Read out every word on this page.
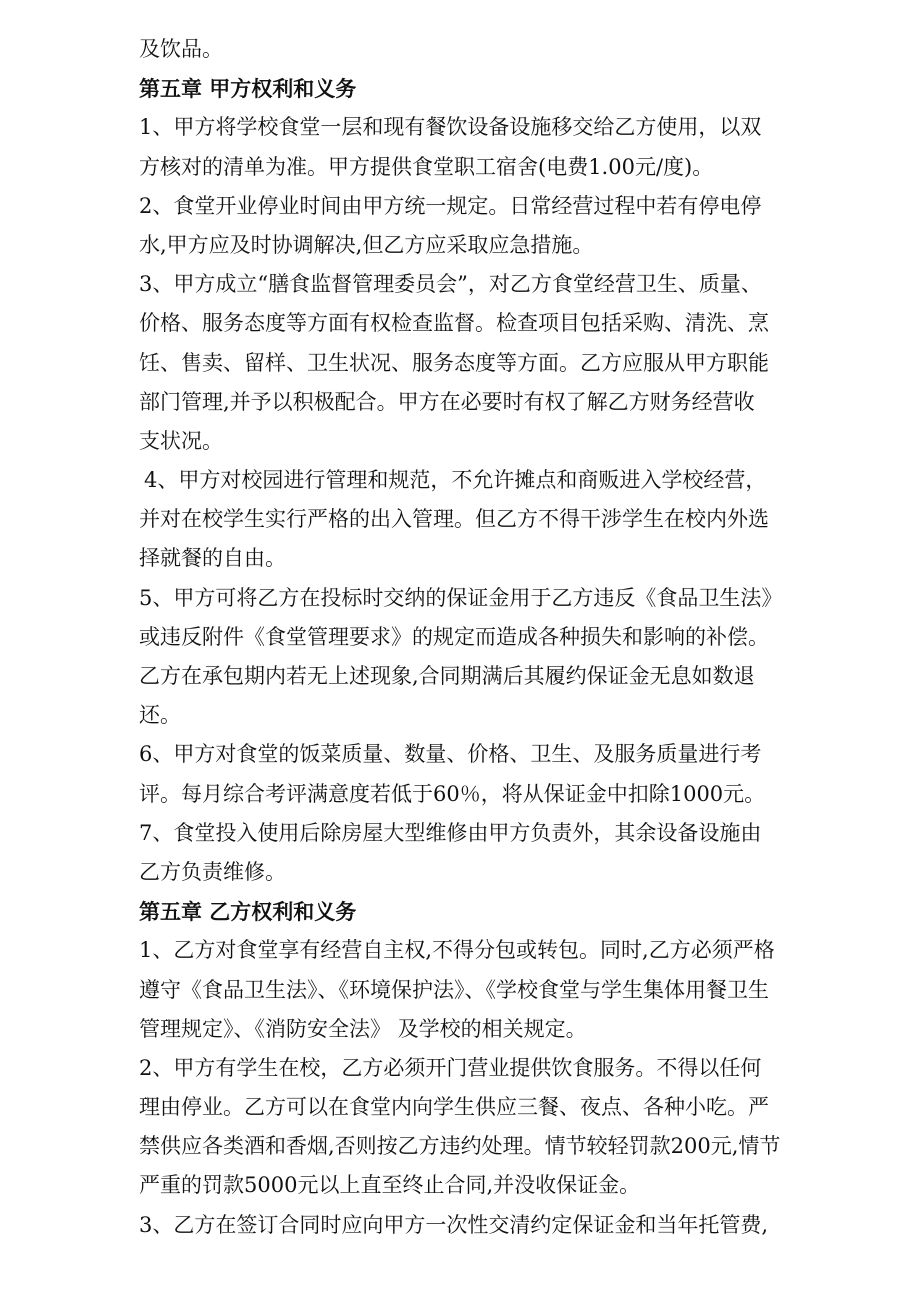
及饮品。
第五章 甲方权利和义务
1、甲方将学校食堂一层和现有餐饮设备设施移交给乙方使用，以双
方核对的清单为准。甲方提供食堂职工宿舍(电费1.00元/度)。
2、食堂开业停业时间由甲方统一规定。日常经营过程中若有停电停
水,甲方应及时协调解决,但乙方应采取应急措施。
3、甲方成立“膳食监督管理委员会”，对乙方食堂经营卫生、质量、
价格、服务态度等方面有权检查监督。检查项目包括采购、清洗、烹
饪、售卖、留样、卫生状况、服务态度等方面。乙方应服从甲方职能
部门管理,并予以积极配合。甲方在必要时有权了解乙方财务经营收
支状况。
4、甲方对校园进行管理和规范，不允许摊点和商贩进入学校经营，
并对在校学生实行严格的出入管理。但乙方不得干涉学生在校内外选
择就餐的自由。
5、甲方可将乙方在投标时交纳的保证金用于乙方违反《食品卫生法》
或违反附件《食堂管理要求》的规定而造成各种损失和影响的补偿。
乙方在承包期内若无上述现象,合同期满后其履约保证金无息如数退
还。
6、甲方对食堂的饭菜质量、数量、价格、卫生、及服务质量进行考
评。每月综合考评满意度若低于60％，将从保证金中扣除1000元。
7、食堂投入使用后除房屋大型维修由甲方负责外，其余设备设施由
乙方负责维修。
第五章 乙方权利和义务
1、乙方对食堂享有经营自主权,不得分包或转包。同时,乙方必须严格
遵守《食品卫生法》、《环境保护法》、《学校食堂与学生集体用餐卫生
管理规定》、《消防安全法》 及学校的相关规定。
2、甲方有学生在校，乙方必须开门营业提供饮食服务。不得以任何
理由停业。乙方可以在食堂内向学生供应三餐、夜点、各种小吃。严
禁供应各类酒和香烟,否则按乙方违约处理。情节较轻罚款200元,情节
严重的罚款5000元以上直至终止合同,并没收保证金。
3、乙方在签订合同时应向甲方一次性交清约定保证金和当年托管费,
